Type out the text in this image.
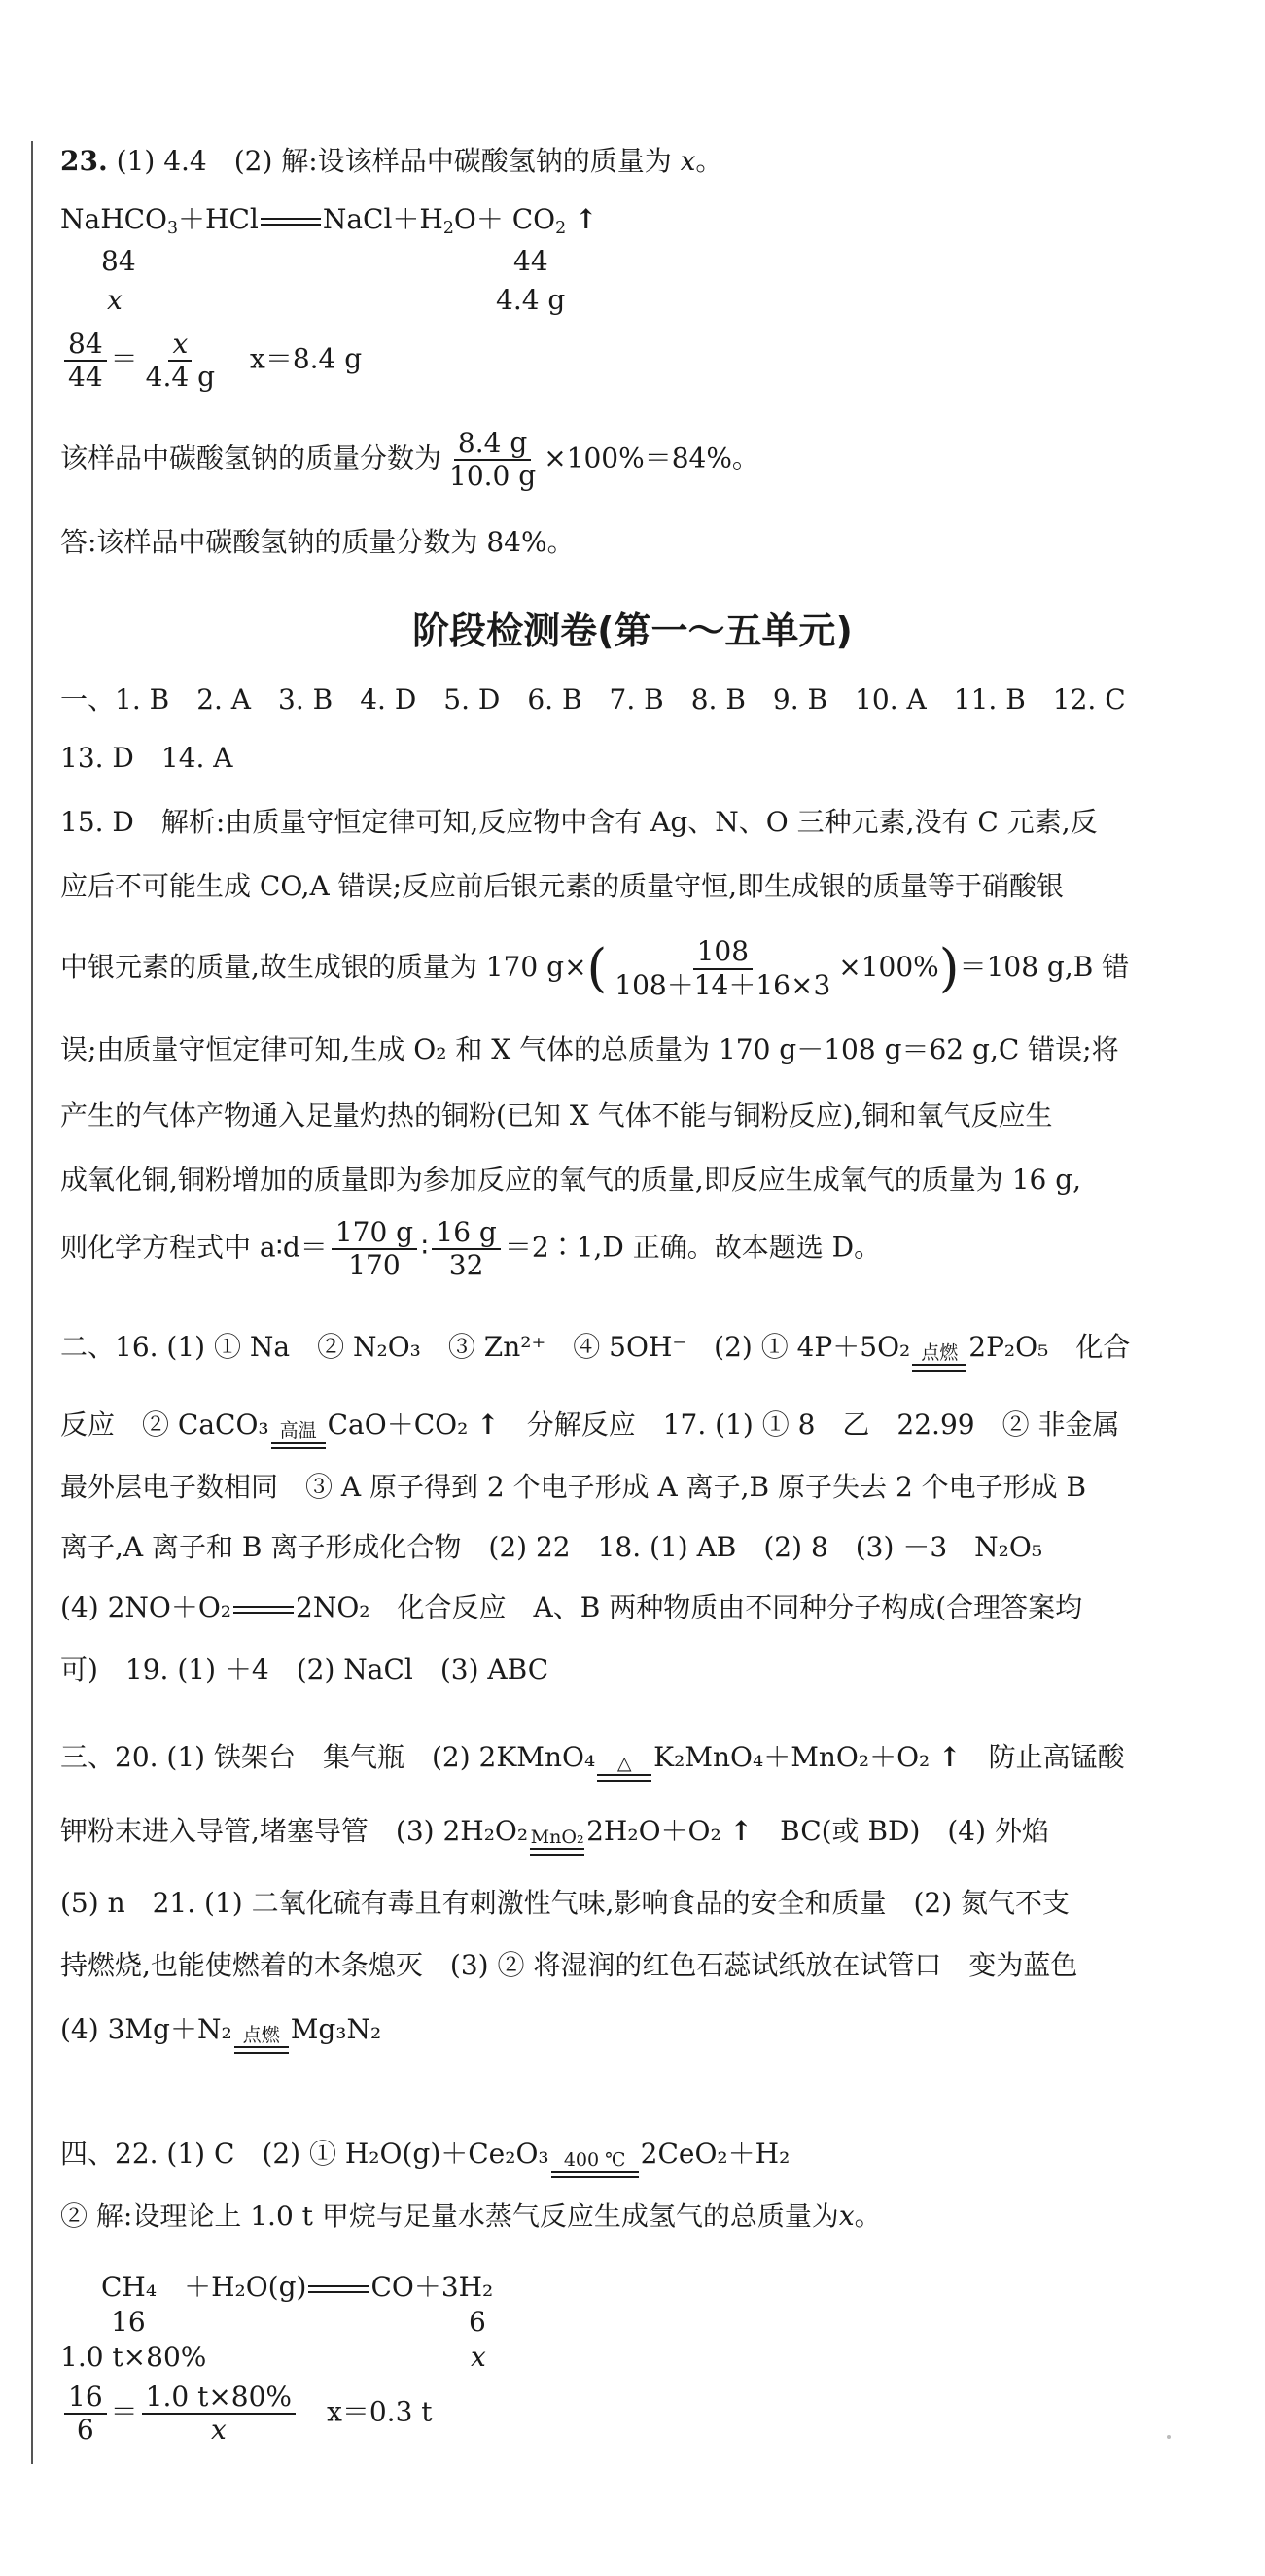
23. (1) 4.4　(2) 解:设该样品中碳酸氢钠的质量为 x。
NaHCO$_3$＋HCl $NaCl+H_2O+ CO_2$ ↑
84	44
x	4.4 g
$\frac{84}{44} = \frac{x}{4.4 g}$
　 x＝8.4 g
该样品中碳酸氢钠的质量分数为 $\frac{8.4 g}{10.0 g} \times 100\%=84\%$。
答:该样品中碳酸氢钠的质量分数为 84%。
阶段检测卷(第一～五单元)
一、1. B　2. A　3. B　4. D　5. D　6. B　7. B　8. B　9. B　10. A　11. B　12. C
13. D　14. A
15. D　解析:由质量守恒定律可知,反应物中含有 Ag、N、O 三种元素,没有 C 元素,反
应后不可能生成 CO,A 错误;反应前后银元素的质量守恒,即生成银的质量等于硝酸银
中银元素的质量,故生成银的质量为 170 $g\times( \frac{108}{108+14+16\times 3} \times 100\%)=108$ g,B 错
误;由质量守恒定律可知,生成 O₂ 和 X 气体的总质量为 170 g－108 g＝62 g,C 错误;将
产生的气体产物通入足量灼热的铜粉(已知 X 气体不能与铜粉反应),铜和氧气反应生
成氧化铜,铜粉增加的质量即为参加反应的氧气的质量,即反应生成氧气的质量为 16 g,
则化学方程式中 a∶d＝ $\frac{170 g}{170}$ ∶ $\frac{16 g}{32}$ ＝2∶1,D 正确。故本题选 D。
二、16. (1) ① Na　② N₂O₃　③ Zn²⁺　④ 5OH⁻　(2) ① 4P＋5O₂ 点燃 2P₂O₅　化合
反应　② CaCO₃ 高温 CaO＋CO₂ ↑　 分解反应　17. (1) ① 8　乙　22.99　② 非金属
最外层电子数相同　③ A 原子得到 2 个电子形成 A 离子,B 原子失去 2 个电子形成 B
离子,A 离子和 B 离子形成化合物　(2) 22　18. (1) AB　(2) 8　(3) －3　N₂O₅
(4) 2NO＋O₂ 2NO₂　化合反应　A、B 两种物质由不同种分子构成(合理答案均
可)　19. (1) ＋4　(2) NaCl　(3) ABC
三、20. (1) 铁架台　集气瓶　(2) 2KMnO₄ △ K₂MnO₄＋MnO₂＋O₂ ↑　 防止高锰酸
钾粉末进入导管,堵塞导管　(3) 2H₂O₂ MnO₂ 2H₂O＋O₂ ↑　 BC(或 BD)　(4) 外焰
(5) n　21. (1) 二氧化硫有毒且有刺激性气味,影响食品的安全和质量　(2) 氮气不支
持燃烧,也能使燃着的木条熄灭　(3) ② 将湿润的红色石蕊试纸放在试管口　变为蓝色
(4) 3Mg＋N₂ 点燃 Mg₃N₂
四、22. (1) C　(2) ① H₂O(g)＋Ce₂O₃ 400 ℃ 2CeO₂＋H₂
② 解:设理论上 1.0 t 甲烷与足量水蒸气反应生成氢气的总质量为x。
CH₄　＋H₂O(g) CO＋3H₂
16	6
1.0 t×80%	x
$\frac{16}{6} = \frac{1.0 t\times 80\%}{x}$
　 x＝0.3 t
